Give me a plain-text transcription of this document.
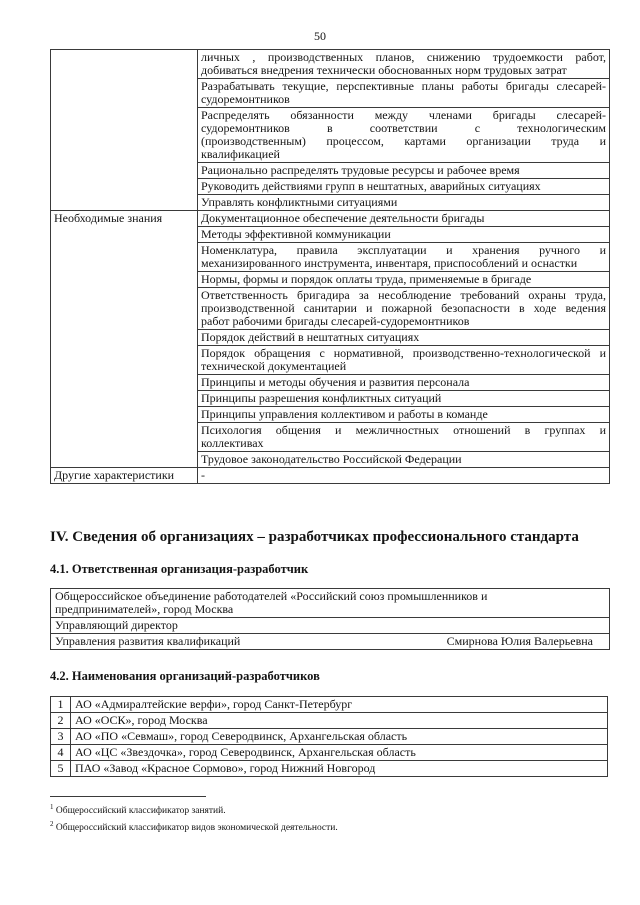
50

	личных , производственных планов, снижению трудоемкости работ,
добиваться внедрения технически обоснованных норм трудовых затрат

	Разрабатывать текущие, перспективные планы работы бригады слесарей-
судоремонтников

	Распределять обязанности между членами бригады слесарей-
судоремонтников в соответствии с технологическим
(производственным) процессом, картами организации труда и
квалификацией

	Рационально распределять трудовые ресурсы и рабочее время

	Руководить действиями групп в нештатных, аварийных ситуациях

	Управлять конфликтными ситуациями

Необходимые знания	Документационное обеспечение деятельности бригады

	Методы эффективной коммуникации

	Номенклатура, правила эксплуатации и хранения ручного и
механизированного инструмента, инвентаря, приспособлений и оснастки

	Нормы, формы и порядок оплаты труда, применяемые в бригаде

	Ответственность бригадира за несоблюдение требований охраны труда,
производственной санитарии и пожарной безопасности в ходе ведения
работ рабочими бригады слесарей-судоремонтников

	Порядок действий в нештатных ситуациях

	Порядок обращения с нормативной, производственно-технологической и
технической документацией

	Принципы и методы обучения и развития персонала

	Принципы разрешения конфликтных ситуаций

	Принципы управления коллективом и работы в команде

	Психология общения и межличностных отношений в группах и
коллективах

	Трудовое законодательство Российской Федерации

Другие характеристики	-
IV. Сведения об организациях – разработчиках профессионального стандарта
4.1. Ответственная организация-разработчик
Общероссийское объединение работодателей «Российский союз промышленников и
предпринимателей», город Москва
Управляющий директор
Управления развития квалификаций	Смирнова Юлия Валерьевна
4.2. Наименования организаций-разработчиков
1	АО «Адмиралтейские верфи», город Санкт-Петербург
2	АО «ОСК», город Москва
3	АО «ПО «Севмаш», город Северодвинск, Архангельская область
4	АО «ЦС «Звездочка», город Северодвинск, Архангельская область
5	ПАО «Завод «Красное Сормово», город Нижний Новгород
$^1$ Общероссийский классификатор занятий.
$^2$ Общероссийский классификатор видов экономической деятельности.
